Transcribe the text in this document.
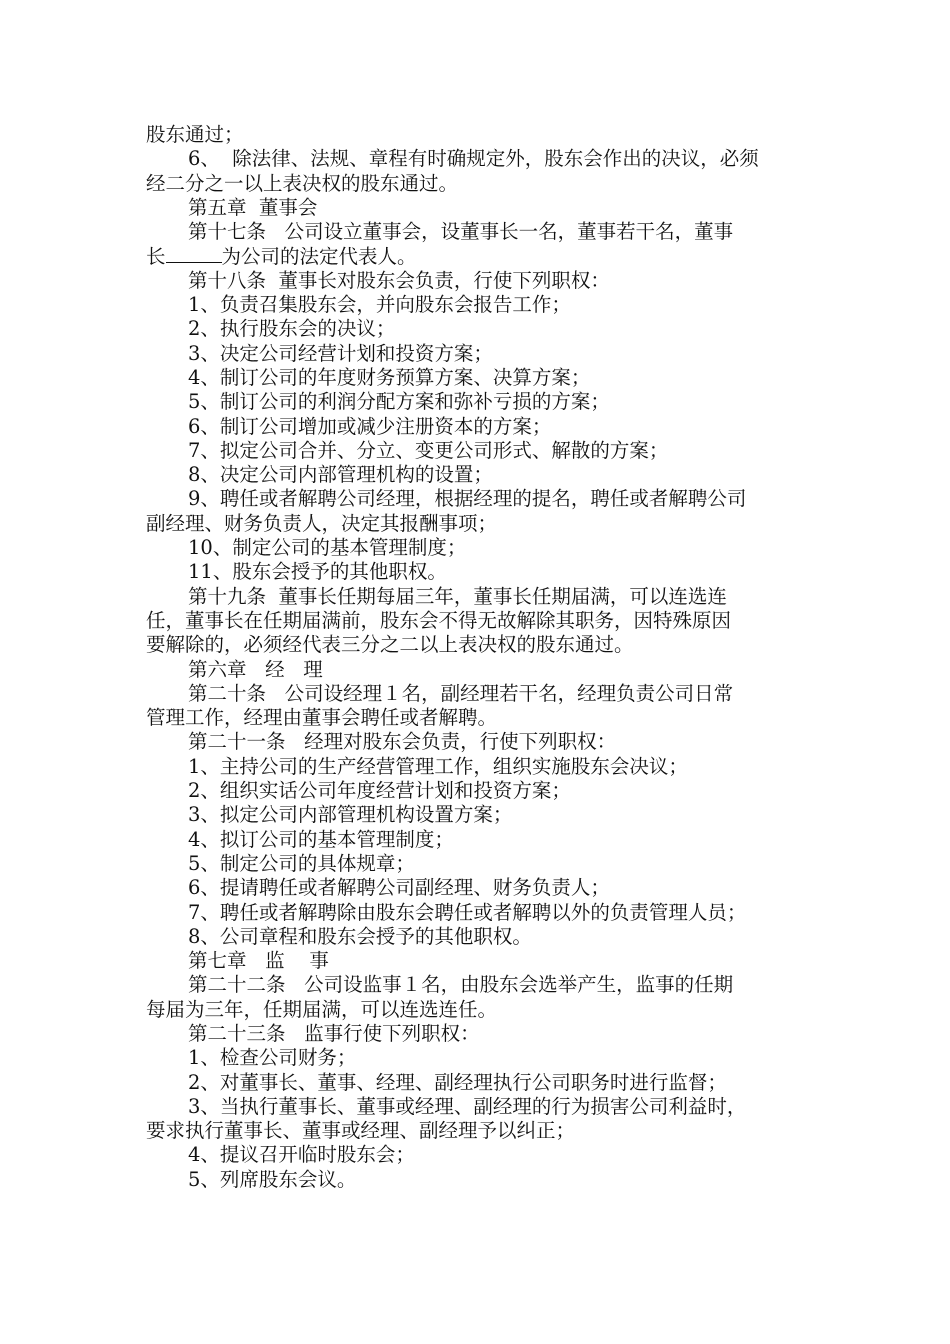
股东通过；
6、  除法律、法规、章程有时确规定外，股东会作出的决议，必须
经二分之一以上表决权的股东通过。
第五章  董事会
第十七条   公司设立董事会，设董事长一名，董事若干名，董事
长	为公司的法定代表人。
第十八条  董事长对股东会负责，行使下列职权：
1、负责召集股东会，并向股东会报告工作；
2、执行股东会的决议；
3、决定公司经营计划和投资方案；
4、制订公司的年度财务预算方案、决算方案；
5、制订公司的利润分配方案和弥补亏损的方案；
6、制订公司增加或减少注册资本的方案；
7、拟定公司合并、分立、变更公司形式、解散的方案；
8、决定公司内部管理机构的设置；
9、聘任或者解聘公司经理，根据经理的提名，聘任或者解聘公司
副经理、财务负责人，决定其报酬事项；
10、制定公司的基本管理制度；
11、股东会授予的其他职权。
第十九条  董事长任期每届三年，董事长任期届满，可以连选连
任，董事长在任期届满前，股东会不得无故解除其职务，因特殊原因
要解除的，必须经代表三分之二以上表决权的股东通过。
第六章   经   理
第二十条   公司设经理１名，副经理若干名，经理负责公司日常
管理工作，经理由董事会聘任或者解聘。
第二十一条   经理对股东会负责，行使下列职权：
1、主持公司的生产经营管理工作，组织实施股东会决议；
2、组织实话公司年度经营计划和投资方案；
3、拟定公司内部管理机构设置方案；
4、拟订公司的基本管理制度；
5、制定公司的具体规章；
6、提请聘任或者解聘公司副经理、财务负责人；
7、聘任或者解聘除由股东会聘任或者解聘以外的负责管理人员；
8、公司章程和股东会授予的其他职权。
第七章   监    事
第二十二条   公司设监事１名，由股东会选举产生，监事的任期
每届为三年，任期届满，可以连选连任。
第二十三条   监事行使下列职权：
1、检查公司财务；
2、对董事长、董事、经理、副经理执行公司职务时进行监督；
3、当执行董事长、董事或经理、副经理的行为损害公司利益时，
要求执行董事长、董事或经理、副经理予以纠正；
4、提议召开临时股东会；
5、列席股东会议。
